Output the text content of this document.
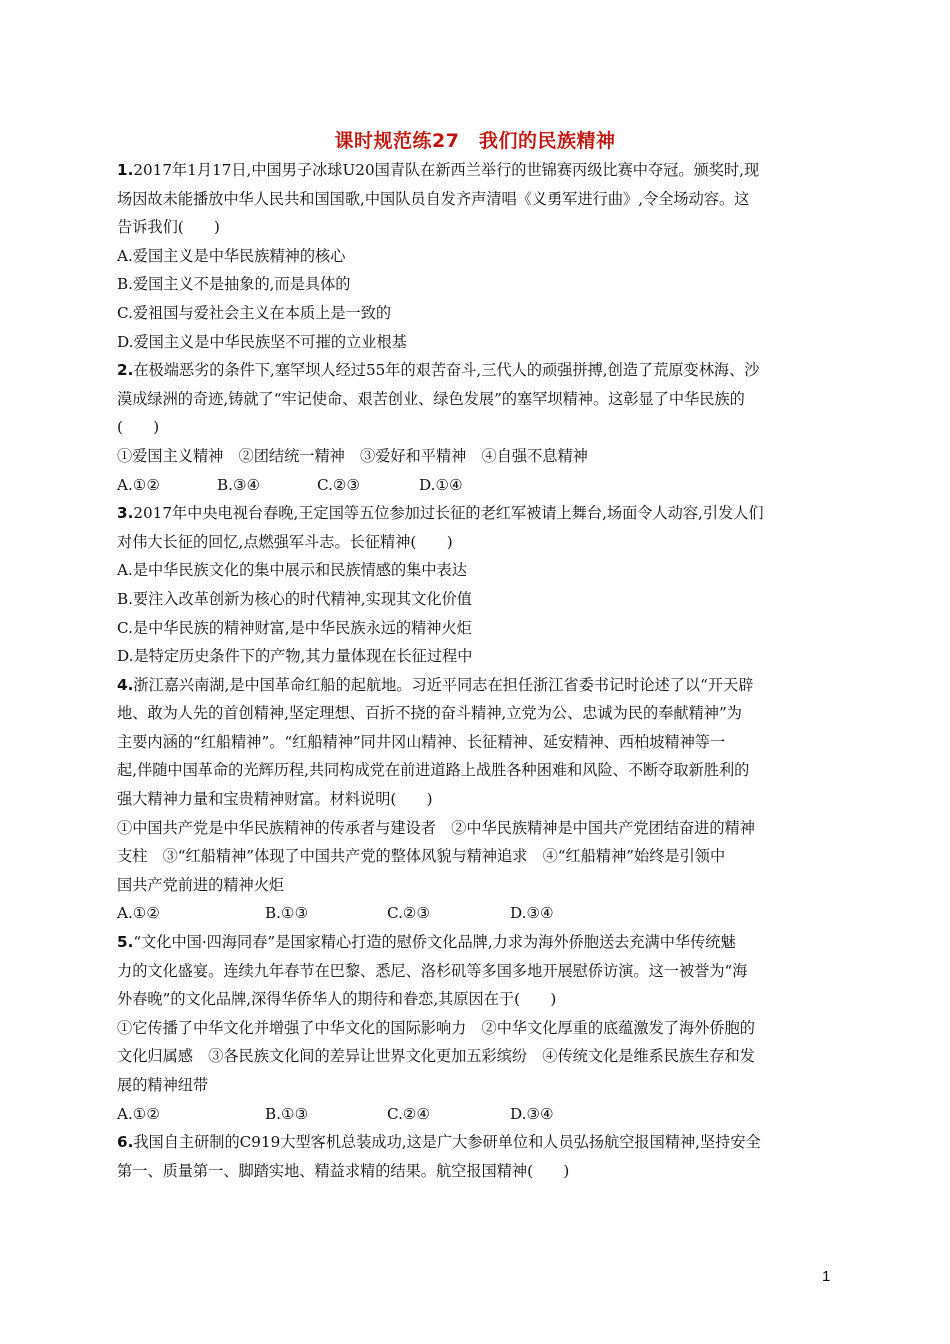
课时规范练27　我们的民族精神
1.2017年1月17日,中国男子冰球U20国青队在新西兰举行的世锦赛丙级比赛中夺冠。颁奖时,现
场因故未能播放中华人民共和国国歌,中国队员自发齐声清唱《义勇军进行曲》,令全场动容。这
告诉我们(　　)
A.爱国主义是中华民族精神的核心
B.爱国主义不是抽象的,而是具体的
C.爱祖国与爱社会主义在本质上是一致的
D.爱国主义是中华民族坚不可摧的立业根基
2.在极端恶劣的条件下,塞罕坝人经过55年的艰苦奋斗,三代人的顽强拼搏,创造了荒原变林海、沙
漠成绿洲的奇迹,铸就了“牢记使命、艰苦创业、绿色发展”的塞罕坝精神。这彰显了中华民族的
(　　)
①爱国主义精神　②团结统一精神　③爱好和平精神　④自强不息精神
A.①②	B.③④	C.②③	D.①④
3.2017年中央电视台春晚,王定国等五位参加过长征的老红军被请上舞台,场面令人动容,引发人们
对伟大长征的回忆,点燃强军斗志。长征精神(　　)
A.是中华民族文化的集中展示和民族情感的集中表达
B.要注入改革创新为核心的时代精神,实现其文化价值
C.是中华民族的精神财富,是中华民族永远的精神火炬
D.是特定历史条件下的产物,其力量体现在长征过程中
4.浙江嘉兴南湖,是中国革命红船的起航地。习近平同志在担任浙江省委书记时论述了以“开天辟
地、敢为人先的首创精神,坚定理想、百折不挠的奋斗精神,立党为公、忠诚为民的奉献精神”为
主要内涵的“红船精神”。“红船精神”同井冈山精神、长征精神、延安精神、西柏坡精神等一
起,伴随中国革命的光辉历程,共同构成党在前进道路上战胜各种困难和风险、不断夺取新胜利的
强大精神力量和宝贵精神财富。材料说明(　　)
①中国共产党是中华民族精神的传承者与建设者　②中华民族精神是中国共产党团结奋进的精神
支柱　③“红船精神”体现了中国共产党的整体风貌与精神追求　④“红船精神”始终是引领中
国共产党前进的精神火炬
A.①②	B.①③	C.②③	D.③④
5.“文化中国·四海同春”是国家精心打造的慰侨文化品牌,力求为海外侨胞送去充满中华传统魅
力的文化盛宴。连续九年春节在巴黎、悉尼、洛杉矶等多国多地开展慰侨访演。这一被誉为“海
外春晚”的文化品牌,深得华侨华人的期待和眷恋,其原因在于(　　)
①它传播了中华文化并增强了中华文化的国际影响力　②中华文化厚重的底蕴激发了海外侨胞的
文化归属感　③各民族文化间的差异让世界文化更加五彩缤纷　④传统文化是维系民族生存和发
展的精神纽带
A.①②	B.①③	C.②④	D.③④
6.我国自主研制的C919大型客机总装成功,这是广大参研单位和人员弘扬航空报国精神,坚持安全
第一、质量第一、脚踏实地、精益求精的结果。航空报国精神(　　)
1
